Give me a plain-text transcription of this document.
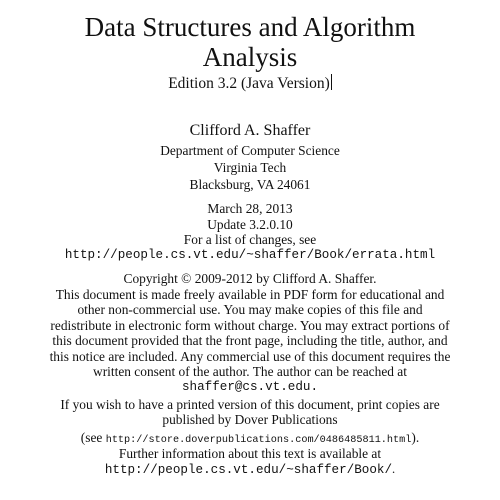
Data Structures and Algorithm
Analysis
Edition 3.2 (Java Version)
Clifford A. Shaffer
Department of Computer Science
Virginia Tech
Blacksburg, VA 24061
March 28, 2013
Update 3.2.0.10
For a list of changes, see
http://people.cs.vt.edu/~shaffer/Book/errata.html
Copyright © 2009-2012 by Clifford A. Shaffer.
This document is made freely available in PDF form for educational and
other non-commercial use. You may make copies of this file and
redistribute in electronic form without charge. You may extract portions of
this document provided that the front page, including the title, author, and
this notice are included. Any commercial use of this document requires the
written consent of the author. The author can be reached at
shaffer@cs.vt.edu.
If you wish to have a printed version of this document, print copies are
published by Dover Publications
(see http://store.doverpublications.com/0486485811.html).
Further information about this text is available at
http://people.cs.vt.edu/~shaffer/Book/.
